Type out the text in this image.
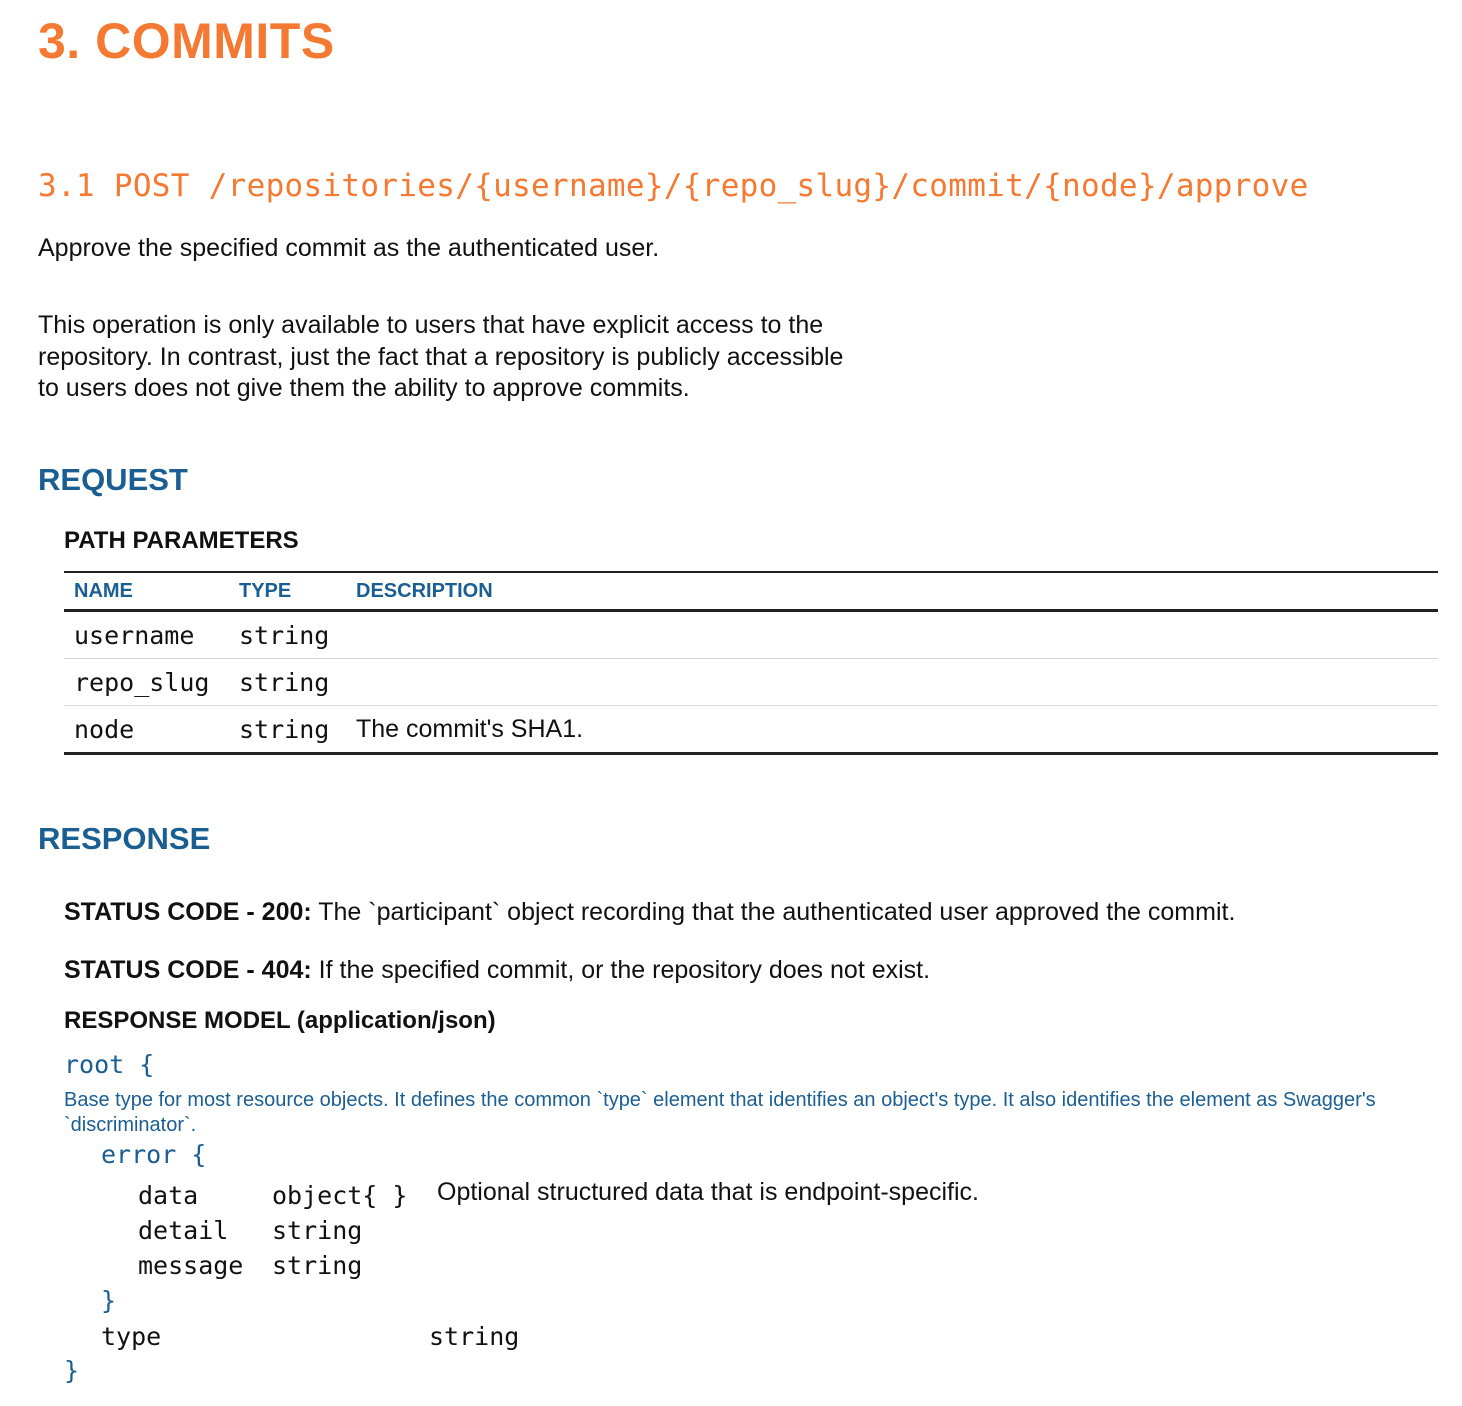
3. COMMITS
3.1 POST /repositories/{username}/{repo_slug}/commit/{node}/approve

Approve the specified commit as the authenticated user.

This operation is only available to users that have explicit access to the repository. In contrast, just the fact that a repository is publicly accessible to users does not give them the ability to approve commits.

REQUEST
PATH PARAMETERS
NAME	TYPE	DESCRIPTION
username	string	
repo_slug	string	
node	string	The commit's SHA1.
RESPONSE

STATUS CODE - 200: The `participant` object recording that the authenticated user approved the commit.

STATUS CODE - 404: If the specified commit, or the repository does not exist.

RESPONSE MODEL (application/json)
root {
Base type for most resource objects. It defines the common `type` element that identifies an object's type. It also identifies the element as Swagger's `discriminator`.
error {
data	object{ } Optional structured data that is endpoint-specific.
detail string
message string
}
type	string
}
